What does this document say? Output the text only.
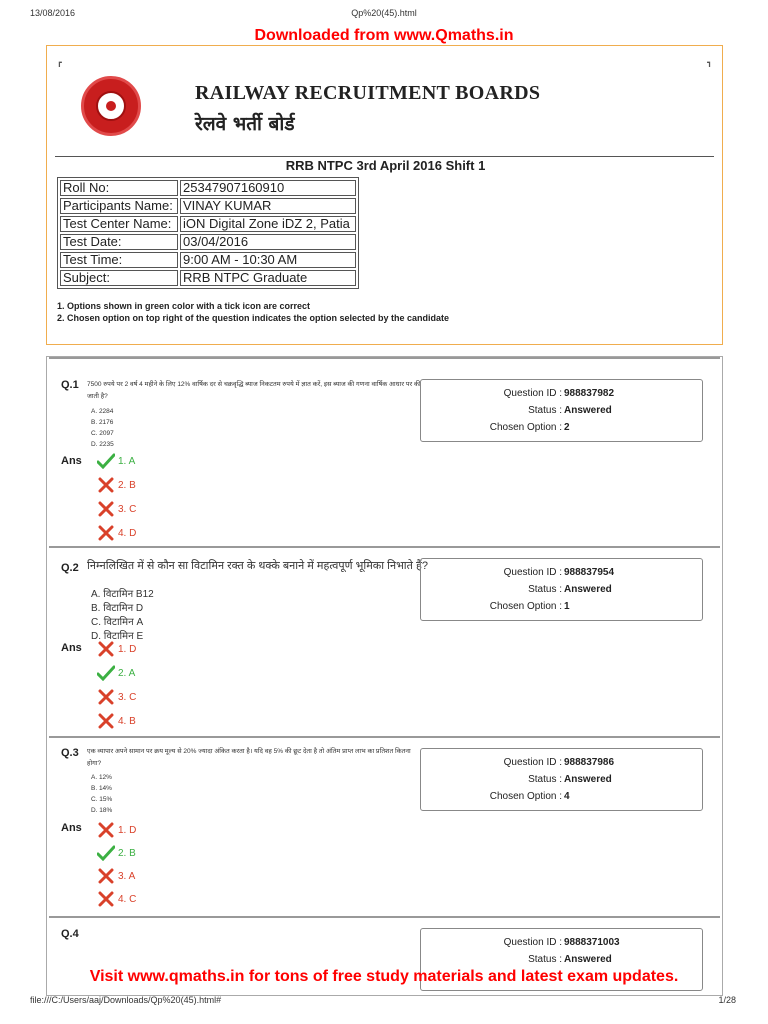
13/08/2016	Qp%20(45).html
Downloaded from www.Qmaths.in
┏	┓
RAILWAY RECRUITMENT BOARDS
रेलवे भर्ती बोर्ड
RRB NTPC 3rd April 2016 Shift 1
Roll No:	25347907160910
Participants Name:	VINAY KUMAR
Test Center Name:	iON Digital Zone iDZ 2, Patia
Test Date:	03/04/2016
Test Time:	9:00 AM - 10:30 AM
Subject:	RRB NTPC Graduate
1. Options shown in green color with a tick icon are correct
2. Chosen option on top right of the question indicates the option selected by the candidate
Q.1 7500 रुपये पर 2 वर्ष 4 महीने के लिए 12% वार्षिक दर से चक्रवृद्धि ब्याज निकटतम रुपये में ज्ञात करें, इस ब्याज की गणना वार्षिक आधार पर की जाती है?
A. 2284
B. 2176
C. 2097
D. 2235
Ans	1. A
2. B
3. C
4. D
Question ID : 988837982
Status : Answered
Chosen Option : 2
Q.2 निम्नलिखित में से कौन सा विटामिन रक्त के थक्के बनाने में महत्वपूर्ण भूमिका निभाते हैं?
A. विटामिन B12
B. विटामिन D
C. विटामिन A
D. विटामिन E
Ans	1. D
2. A
3. C
4. B
Question ID : 988837954
Status : Answered
Chosen Option : 1
Q.3 एक व्यापार अपने सामान पर क्रय मूल्य से 20% ज्यादा अंकित करता है। यदि वह 5% की छूट देता है तो अंतिम प्राप्त लाभ का प्रतिशत कितना होगा?
A. 12%
B. 14%
C. 15%
D. 18%
Ans	1. D
2. B
3. A
4. C
Question ID : 988837986
Status : Answered
Chosen Option : 4
Q.4
Question ID : 9888371003
Status : Answered
Visit www.qmaths.in for tons of free study materials and latest exam updates.
file:///C:/Users/aaj/Downloads/Qp%20(45).html#	1/28
